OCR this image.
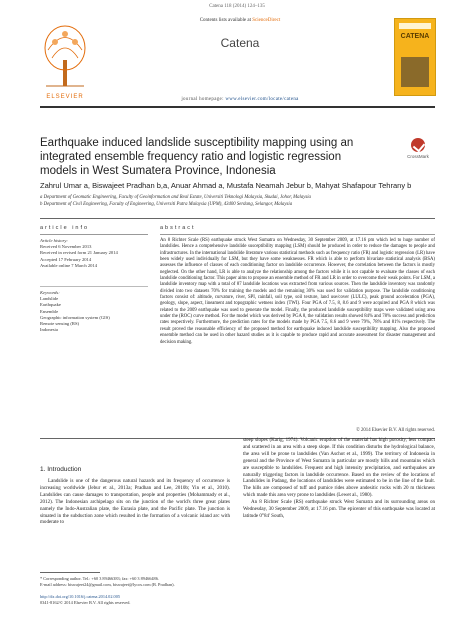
Catena 118 (2014) 124–135
Contents lists available at ScienceDirect
ELSEVIER
Catena
journal homepage: www.elsevier.com/locate/catena
CATENA
Earthquake induced landslide susceptibility mapping using an integrated ensemble frequency ratio and logistic regression models in West Sumatera Province, Indonesia
CrossMark
Zahrul Umar a, Biswajeet Pradhan b,a, Anuar Ahmad a, Mustafa Neamah Jebur b, Mahyat Shafapour Tehrany b
a Department of Geomatic Engineering, Faculty of Geoinformation and Real Estate, Universiti Teknologi Malaysia, Skudai, Johor, Malaysia
b Department of Civil Engineering, Faculty of Engineering, Universiti Putra Malaysia (UPM), 43400 Serdang, Selangor, Malaysia
article info	abstract
Article history:
Received 6 November 2013
Received in revised form 21 January 2014
Accepted 17 February 2014
Available online 7 March 2014
Keywords:
Landslide
Earthquake
Ensemble
Geographic information system (GIS)
Remote sensing (RS)
Indonesia
An 8 Richter Scale (RS) earthquake struck West Sumatra on Wednesday, 30 September 2009, at 17.16 pm which led to huge number of landslides. Hence a comprehensive landslide susceptibility mapping (LSM) should be produced in order to reduce the damages to people and infrastructures. In the international landslide literature various statistical methods such as frequency ratio (FR) and logistic regression (LR) have been widely used individually for LSM, but they have some weaknesses. FR which is able to perform bivariate statistical analysis (BSA) assesses the influence of classes of each conditioning factor on landslide occurrence. However, the correlation between the factors is mostly neglected. On the other hand, LR is able to analyze the relationship among the factors while it is not capable to evaluate the classes of each landslide conditioning factor. This paper aims to propose an ensemble method of FR and LR in order to overcome their weak points. For LSM, a landslide inventory map with a total of 87 landslide locations was extracted from various sources. Then the landslide inventory was randomly divided into two datasets 70% for training the models and the remaining 30% was used for validation purpose. The landslide conditioning factors consist of: altitude, curvature, river, SPI, rainfall, soil type, soil texture, land use/cover (LULC), peak ground acceleration (PGA), geology, slope, aspect, lineament and topographic wetness index (TWI). Four PGA of 7.5, 8, 8.6 and 9 were acquired and PGA 8 which was related to the 2009 earthquake was used to generate the model. Finally, the produced landslide susceptibility maps were validated using area under the (ROC) curve method. For the model which was derived by PGA 8, the validation results showed 84% and 78% success and prediction rates respectively. Furthermore, the prediction rates for the models made by PGA 7.5, 8.6 and 9 were 79%, 78% and 81% respectively. The result proved the reasonable efficiency of the proposed method for earthquake induced landslide susceptibility mapping. Also the proposed ensemble method can be used in other hazard studies as it is capable to produce rapid and accurate assessment for disaster management and decision making.
© 2014 Elsevier B.V. All rights reserved.
1. Introduction

Landslide is one of the dangerous natural hazards and its frequency of occurrence is increasing worldwide (Jebur et al., 2013a; Pradhan and Lee, 2010b; Yin et al., 2010). Landslides can cause damages to transportation, people and properties (Mohammady et al., 2012). The Indonesian archipelago sits on the junction of the world's three great plates namely the Indo-Australian plate, the Eurasia plate, and the Pacific plate. The junction is situated in the subduction zone which resulted in the formation of a volcanic island arc with moderate to

steep slopes (Karig, 1974). Volcanic eruption of the material has high porosity, less compact and scattered in an area with a steep slope. If this condition disturbs the hydrological balance, the area will be prone to landslides (Van Aschot et al., 1999). The territory of Indonesia in general and the Province of West Sumatra in particular are mostly hills and mountains which are susceptible to landslides. Frequent and high intensity precipitation, and earthquakes are naturally triggering factors in landslide occurrence. Based on the review of the locations of Landslides in Padang, the locations of landslides were estimated to be in the line of the fault. The hills are composed of tuff and pumice rides above andesitic rocks with 20 m thickness which made this area very prone to landslides (Lewet al., 1980).

An 8 Richter Scale (RS) earthquake struck West Sumatra and its surrounding areas on Wednesday, 30 September 2009, at 17.16 pm. The epicenter of this earthquake was located at latitude 0°84' South,

* Corresponding author. Tel.: +60 3 89466383; fax: +60 3 89466486.
E-mail address: biswajeet24@gmail.com, biswajeet@lycos.com (B. Pradhan).

http://dx.doi.org/10.1016/j.catena.2014.02.005
0341-8162/© 2014 Elsevier B.V. All rights reserved.
